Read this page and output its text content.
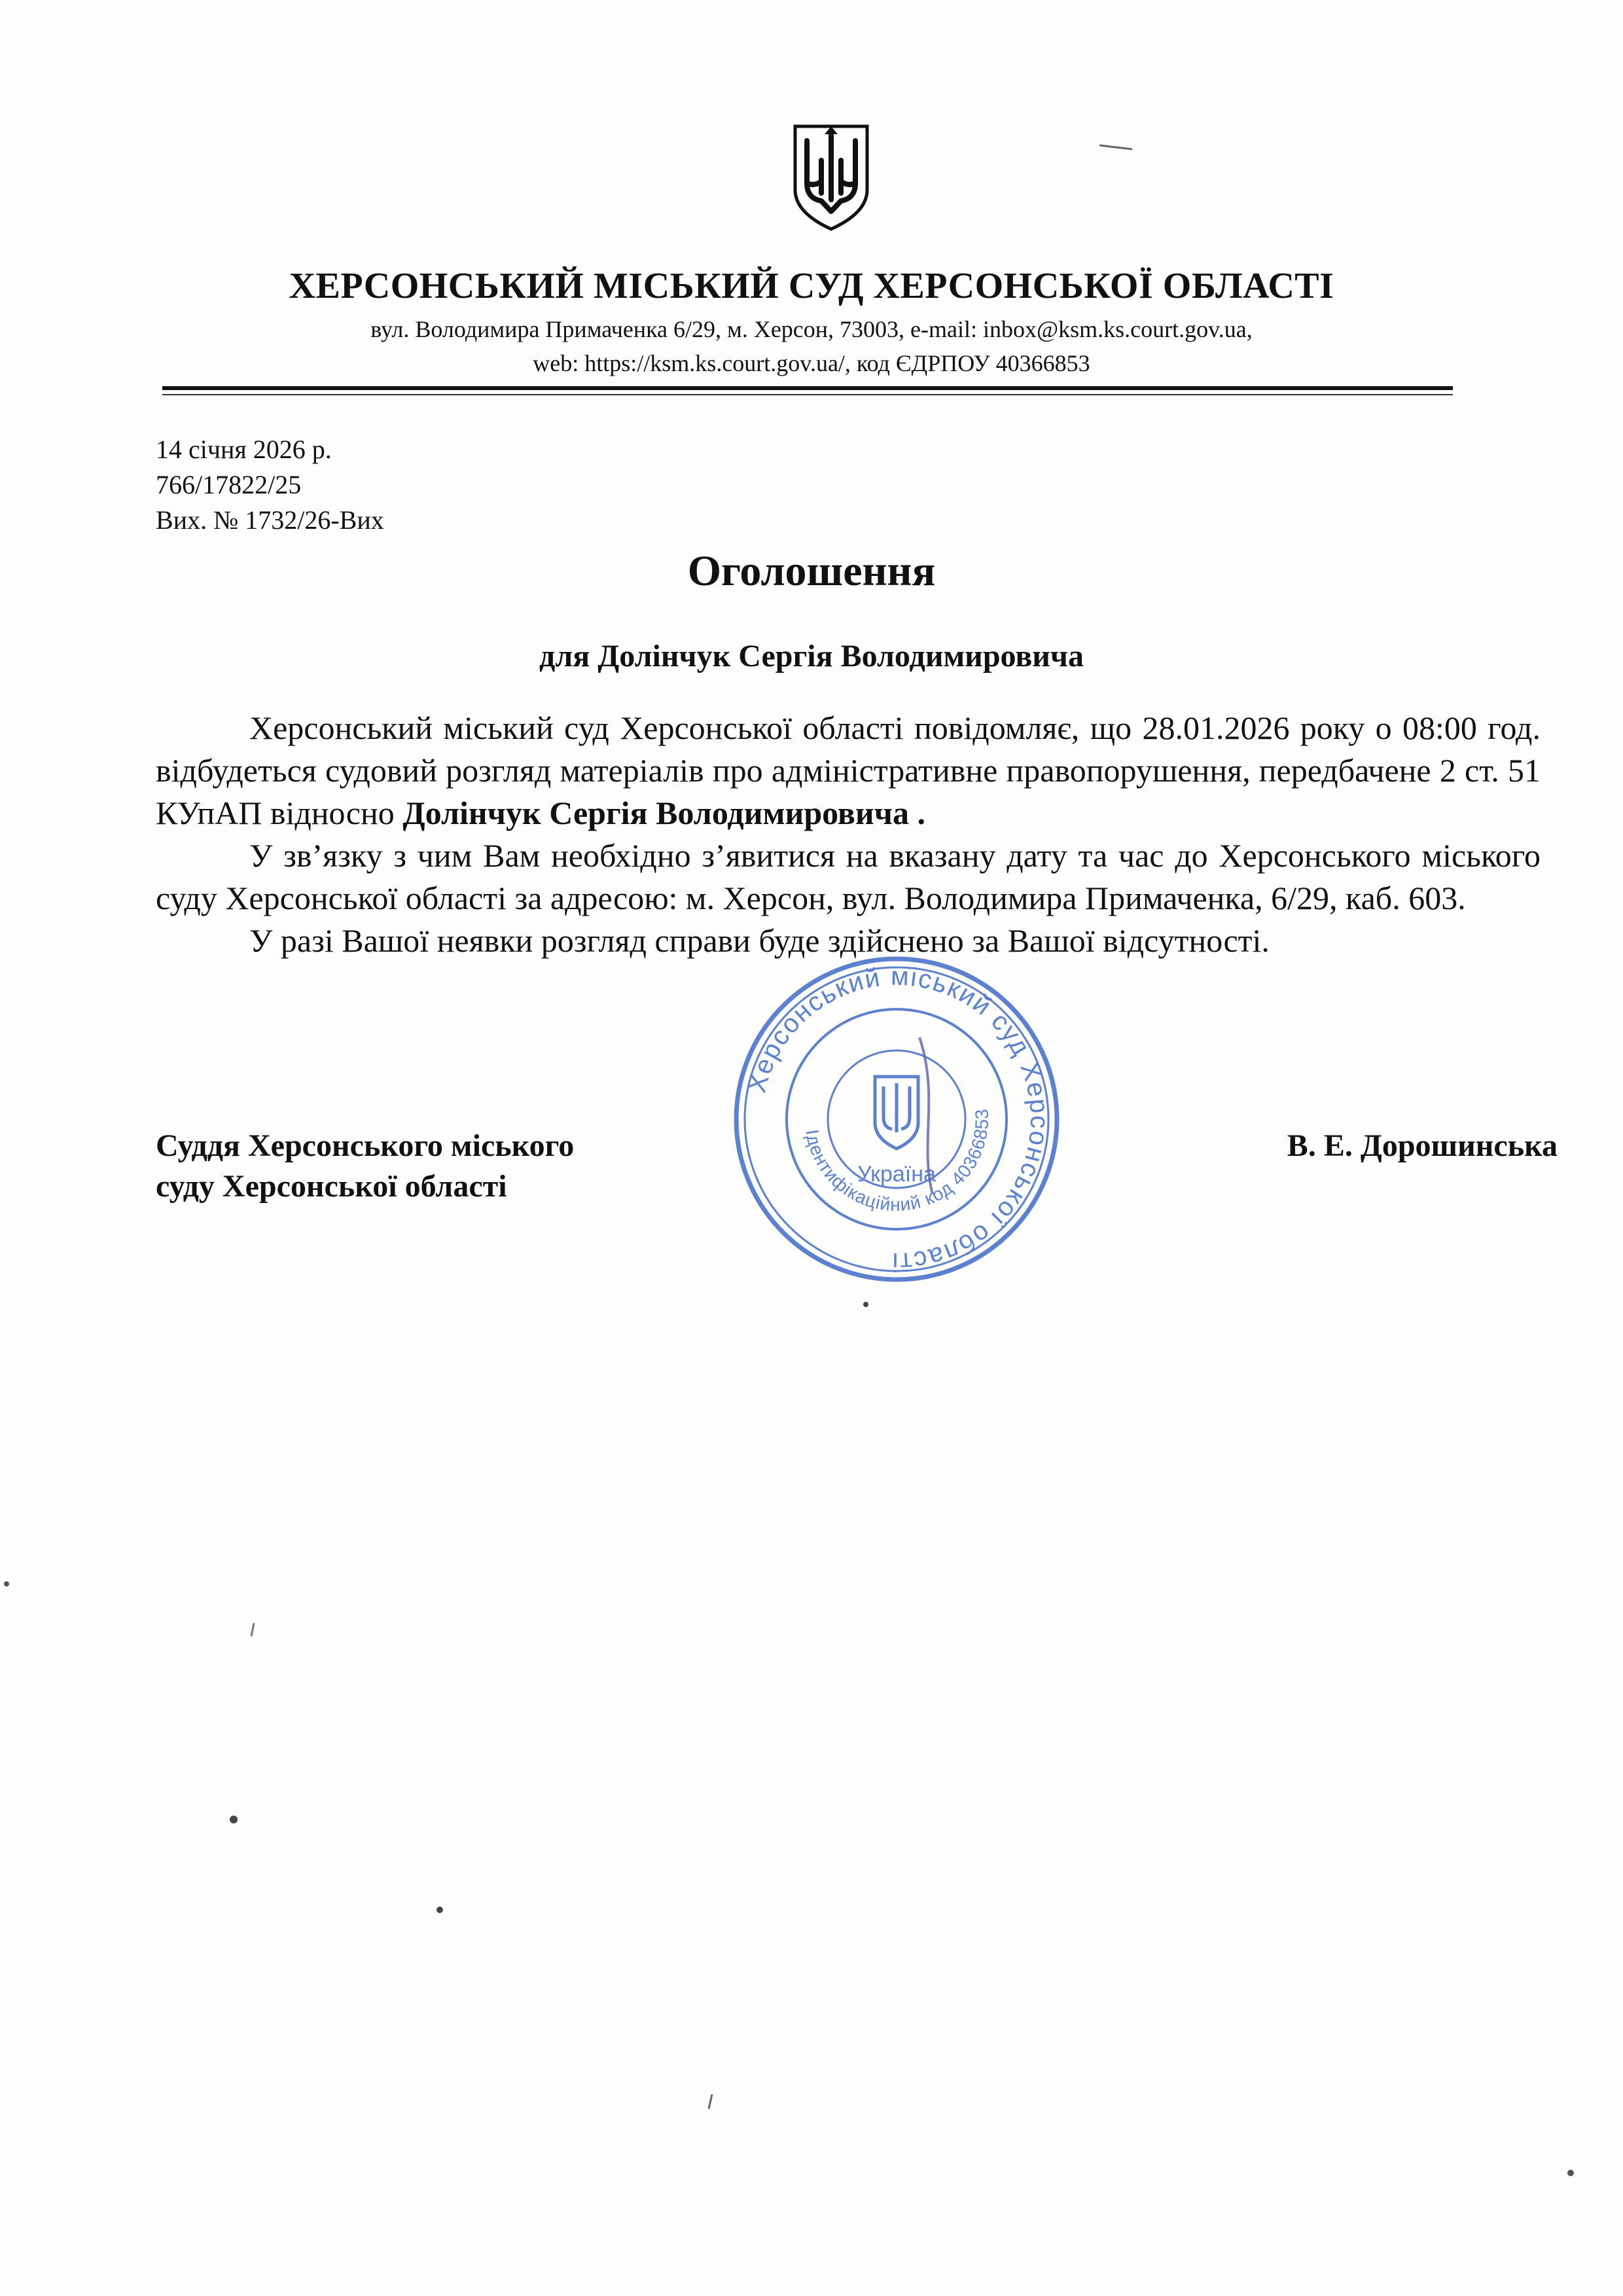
ХЕРСОНСЬКИЙ МІСЬКИЙ СУД ХЕРСОНСЬКОЇ ОБЛАСТІ
вул. Володимира Примаченка 6/29, м. Херсон, 73003, e-mail: inbox@ksm.ks.court.gov.ua,
web: https://ksm.ks.court.gov.ua/, код ЄДРПОУ 40366853
14 січня 2026 р.
766/17822/25
Вих. № 1732/26-Вих
Оголошення
для Долінчук Сергія Володимировича

Херсонський міський суд Херсонської області повідомляє, що 28.01.2026 року о 08:00 год. відбудеться судовий розгляд матеріалів про адміністративне правопорушення, передбачене 2 ст. 51 КУпАП відносно Долінчук Сергія Володимировича .

У зв’язку з чим Вам необхідно з’явитися на вказану дату та час до Херсонського міського суду Херсонської області за адресою: м. Херсон, вул. Володимира Примаченка, 6/29, каб. 603.

У разі Вашої неявки розгляд справи буде здійснено за Вашої відсутності.

Суддя Херсонського міського
суду Херсонської області
В. Е. Дорошинська
Херсонський міський суд Херсонської області
Ідентифікаційний код 40366853
Україна
